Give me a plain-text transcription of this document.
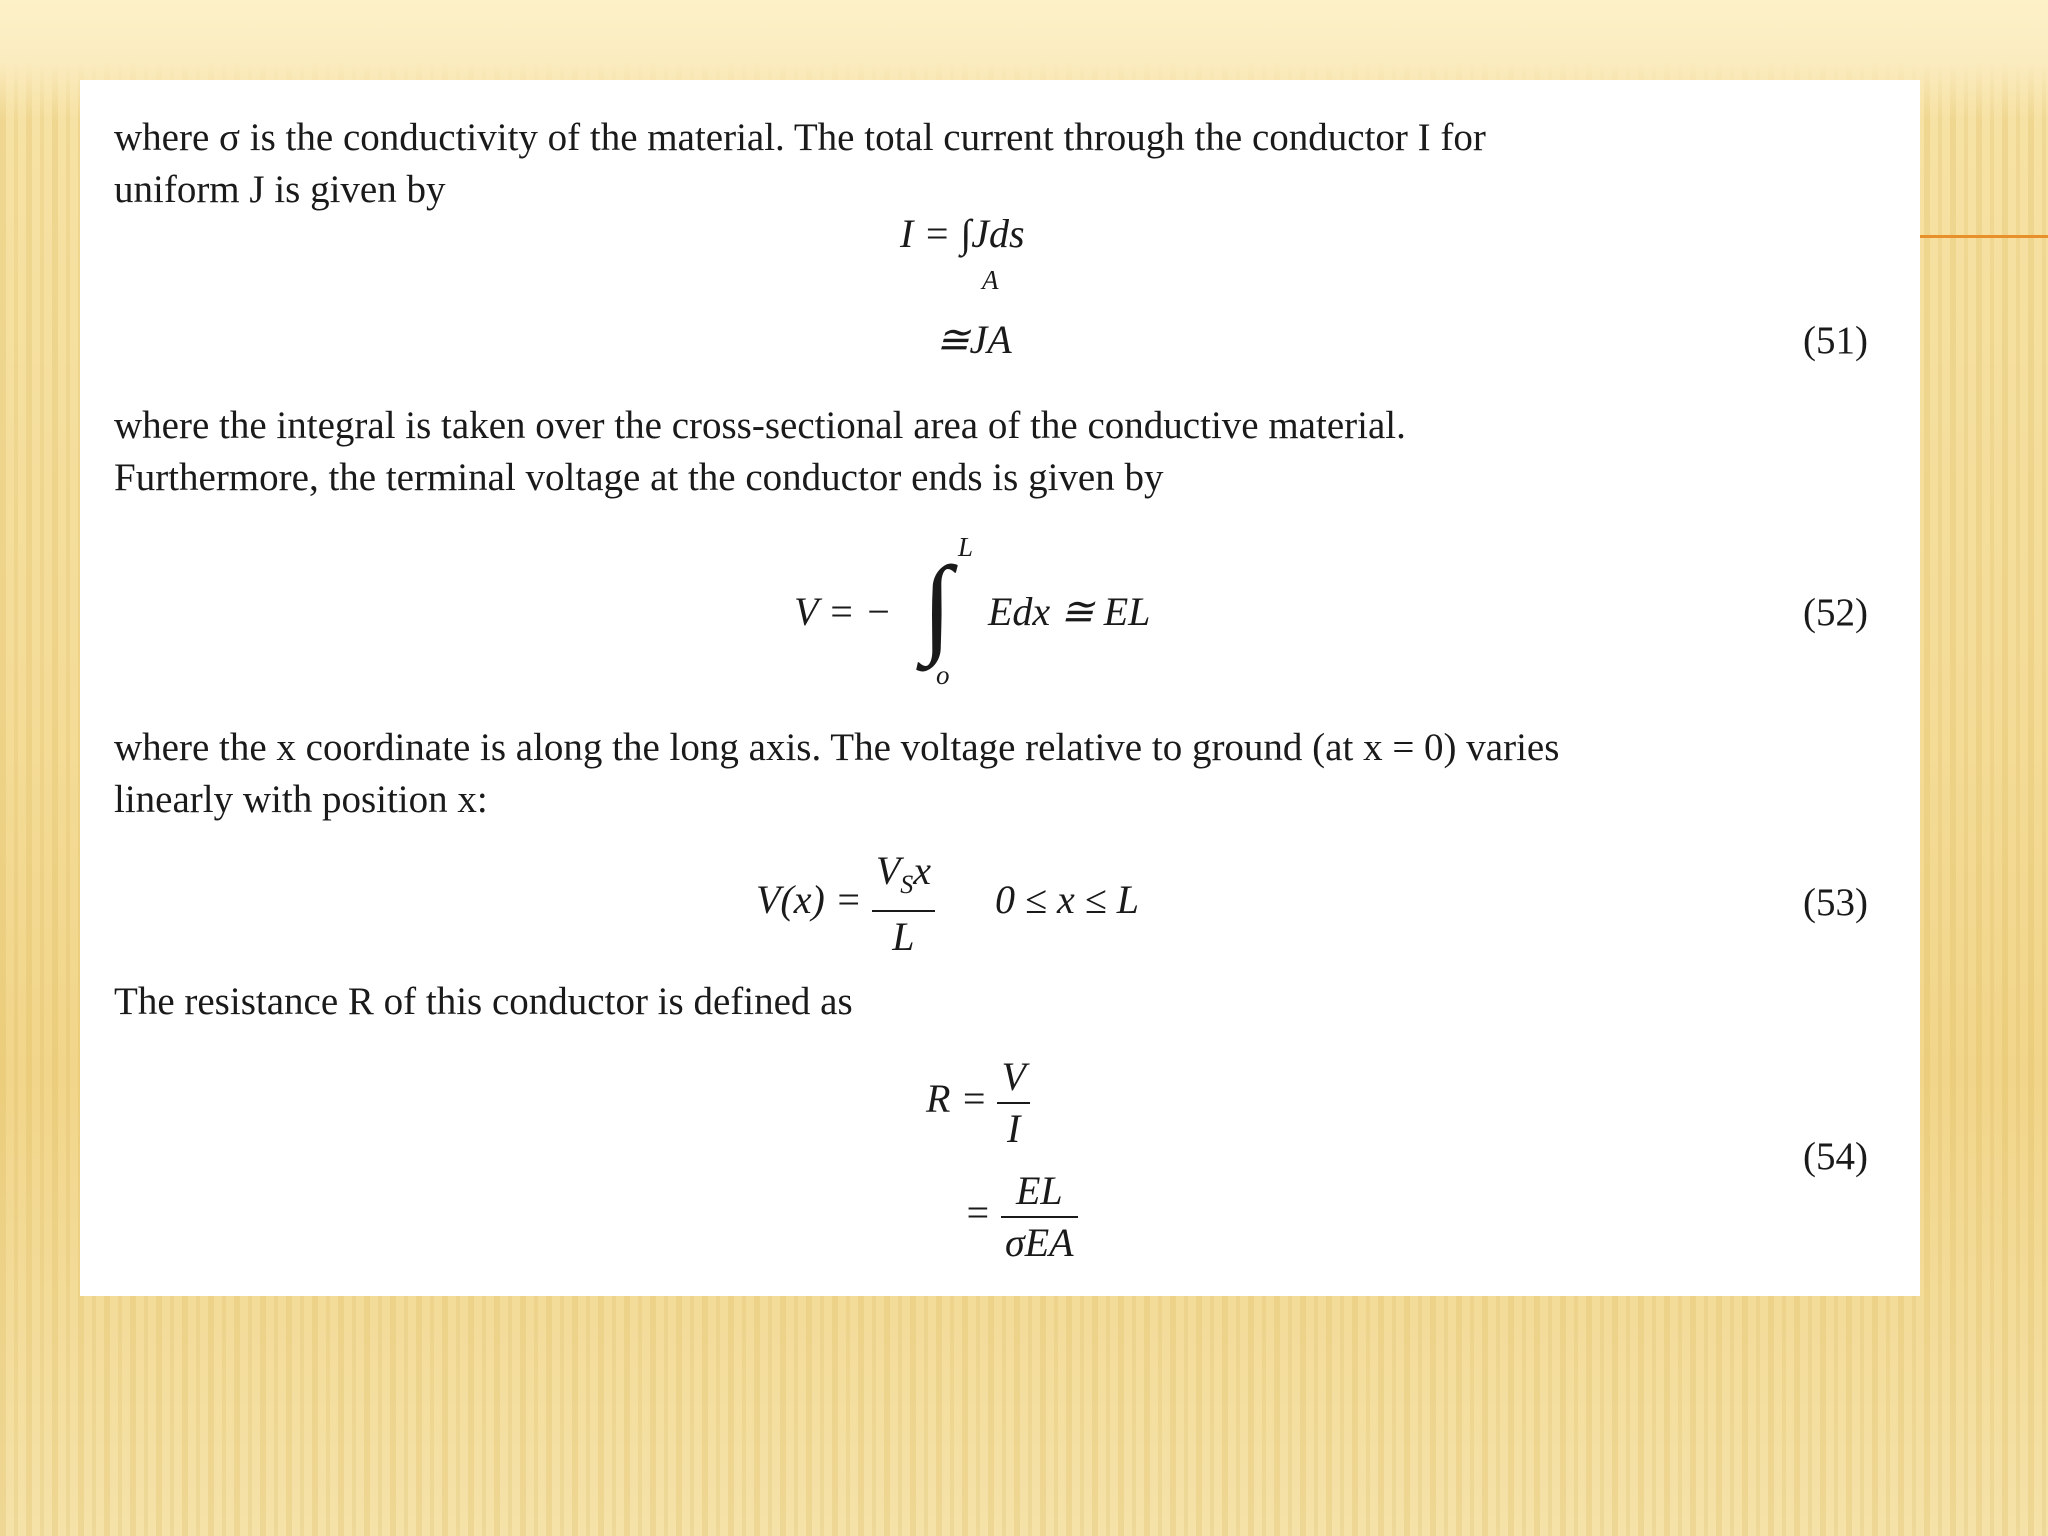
where σ is the conductivity of the material. The total current through the conductor I for

uniform J is given by

I = ∫Jds
A
≅JA	(51)

where the integral is taken over the cross-sectional area of the conductive material.

Furthermore, the terminal voltage at the conductor ends is given by

V = − ∫ L
o
Edx ≅ EL	(52)

where the x coordinate is along the long axis. The voltage relative to ground (at x = 0) varies

linearly with position x:

$V(x) = \frac{V_Sx}{L} 0 \le x \le L$	(53)

The resistance R of this conductor is defined as

$R = \frac{V}{I}$
= $\frac{EL}{\text{σEA}}$
(54)
